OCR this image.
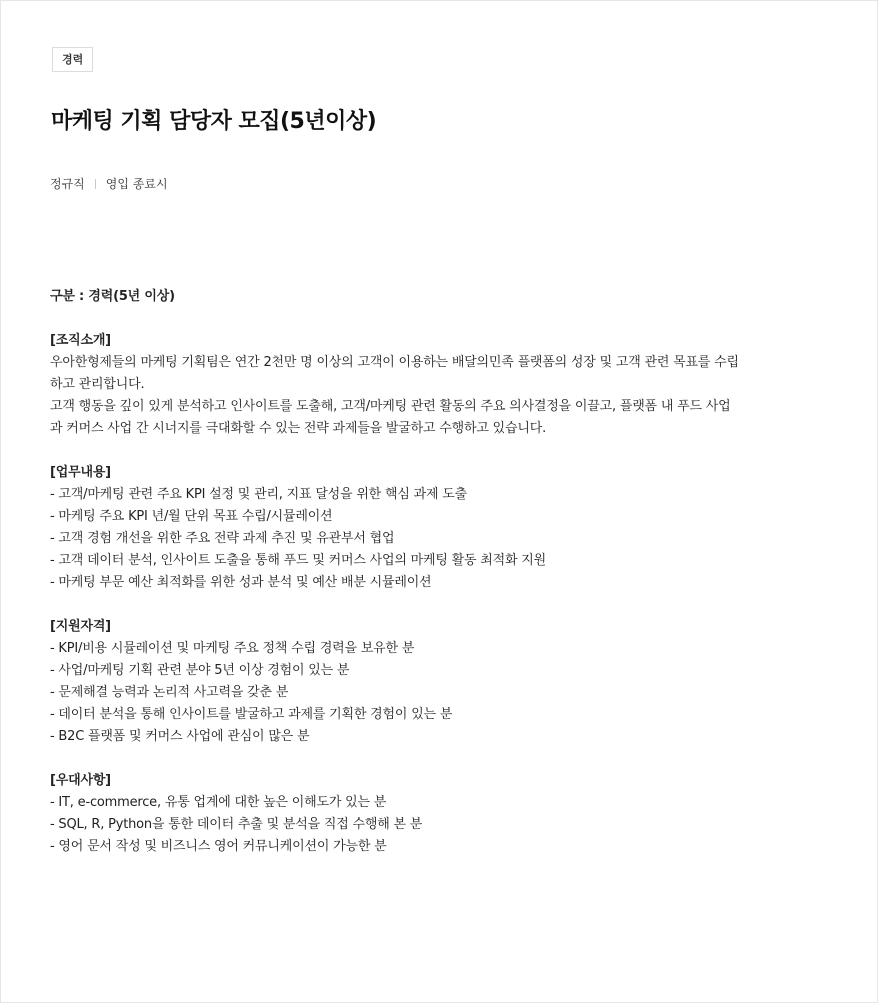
경력
마케팅 기획 담당자 모집(5년이상)
정규직 영입 종료시

구분 : 경력(5년 이상)

[조직소개]

우아한형제들의 마케팅 기획팀은 연간 2천만 명 이상의 고객이 이용하는 배달의민족 플랫폼의 성장 및 고객 관련 목표를 수립

하고 관리합니다.

고객 행동을 깊이 있게 분석하고 인사이트를 도출해, 고객/마케팅 관련 활동의 주요 의사결정을 이끌고, 플랫폼 내 푸드 사업

과 커머스 사업 간 시너지를 극대화할 수 있는 전략 과제들을 발굴하고 수행하고 있습니다.

[업무내용]

- 고객/마케팅 관련 주요 KPI 설정 및 관리, 지표 달성을 위한 핵심 과제 도출

- 마케팅 주요 KPI 년/월 단위 목표 수립/시뮬레이션

- 고객 경험 개선을 위한 주요 전략 과제 추진 및 유관부서 협업

- 고객 데이터 분석, 인사이트 도출을 통해 푸드 및 커머스 사업의 마케팅 활동 최적화 지원

- 마케팅 부문 예산 최적화를 위한 성과 분석 및 예산 배분 시뮬레이션

[지원자격]

- KPI/비용 시뮬레이션 및 마케팅 주요 정책 수립 경력을 보유한 분

- 사업/마케팅 기획 관련 분야 5년 이상 경험이 있는 분

- 문제해결 능력과 논리적 사고력을 갖춘 분

- 데이터 분석을 통해 인사이트를 발굴하고 과제를 기획한 경험이 있는 분

- B2C 플랫폼 및 커머스 사업에 관심이 많은 분

[우대사항]

- IT, e-commerce, 유통 업계에 대한 높은 이해도가 있는 분

- SQL, R, Python을 통한 데이터 추출 및 분석을 직접 수행해 본 분

- 영어 문서 작성 및 비즈니스 영어 커뮤니케이션이 가능한 분
